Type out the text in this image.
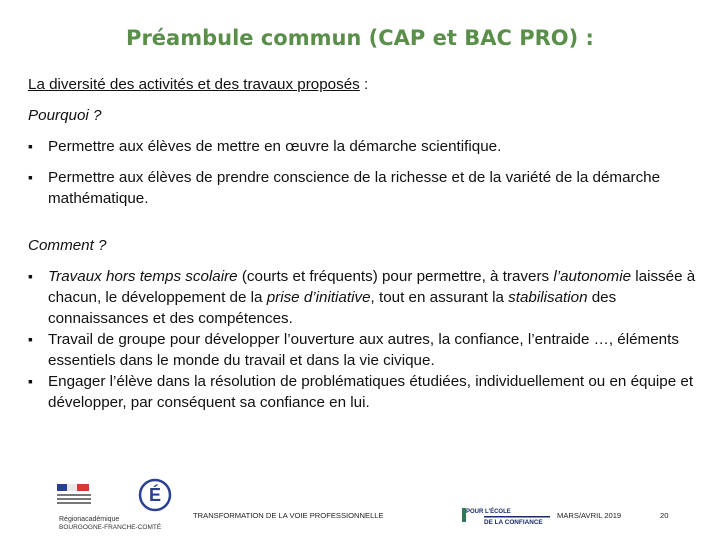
Préambule commun (CAP et BAC PRO) :
La diversité des activités et des travaux proposés :
Pourquoi ?
▪ Permettre aux élèves de mettre en œuvre la démarche scientifique.
▪ Permettre aux élèves de prendre conscience de la richesse et de la variété de la démarche mathématique.
Comment ?
▪ Travaux hors temps scolaire (courts et fréquents) pour permettre, à travers l’autonomie laissée à chacun, le développement de la prise d’initiative, tout en assurant la stabilisation des connaissances et des compétences.
▪ Travail de groupe pour développer l’ouverture aux autres, la confiance, l’entraide …, éléments essentiels dans le monde du travail et dans la vie civique.
▪ Engager l’élève dans la résolution de problématiques étudiées, individuellement ou en équipe et développer, par conséquent sa confiance en lui.
Régionacadémique
BOURGOGNE-FRANCHE-COMTÉ
É
TRANSFORMATION DE LA VOIE PROFESSIONNELLE	POUR L'ÉCOLE
DE LA CONFIANCE
MARS/AVRIL 2019	20
